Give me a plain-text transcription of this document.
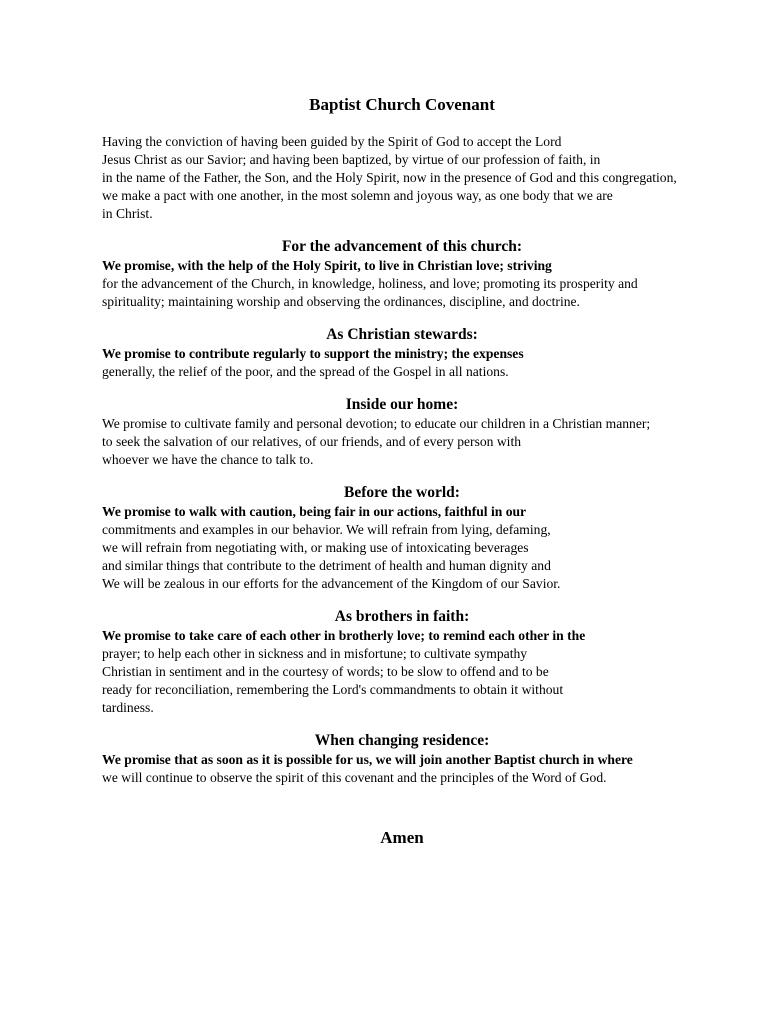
Baptist Church Covenant
Having the conviction of having been guided by the Spirit of God to accept the Lord
Jesus Christ as our Savior; and having been baptized, by virtue of our profession of faith, in
in the name of the Father, the Son, and the Holy Spirit, now in the presence of God and this congregation,
we make a pact with one another, in the most solemn and joyous way, as one body that we are
in Christ.
For the advancement of this church:
We promise, with the help of the Holy Spirit, to live in Christian love; striving
for the advancement of the Church, in knowledge, holiness, and love; promoting its prosperity and
spirituality; maintaining worship and observing the ordinances, discipline, and doctrine.
As Christian stewards:
We promise to contribute regularly to support the ministry; the expenses
generally, the relief of the poor, and the spread of the Gospel in all nations.
Inside our home:
We promise to cultivate family and personal devotion; to educate our children in a Christian manner;
to seek the salvation of our relatives, of our friends, and of every person with
whoever we have the chance to talk to.
Before the world:
We promise to walk with caution, being fair in our actions, faithful in our
commitments and examples in our behavior. We will refrain from lying, defaming,
we will refrain from negotiating with, or making use of intoxicating beverages
and similar things that contribute to the detriment of health and human dignity and
We will be zealous in our efforts for the advancement of the Kingdom of our Savior.
As brothers in faith:
We promise to take care of each other in brotherly love; to remind each other in the
prayer; to help each other in sickness and in misfortune; to cultivate sympathy
Christian in sentiment and in the courtesy of words; to be slow to offend and to be
ready for reconciliation, remembering the Lord's commandments to obtain it without
tardiness.
When changing residence:
We promise that as soon as it is possible for us, we will join another Baptist church in where
we will continue to observe the spirit of this covenant and the principles of the Word of God.
Amen
